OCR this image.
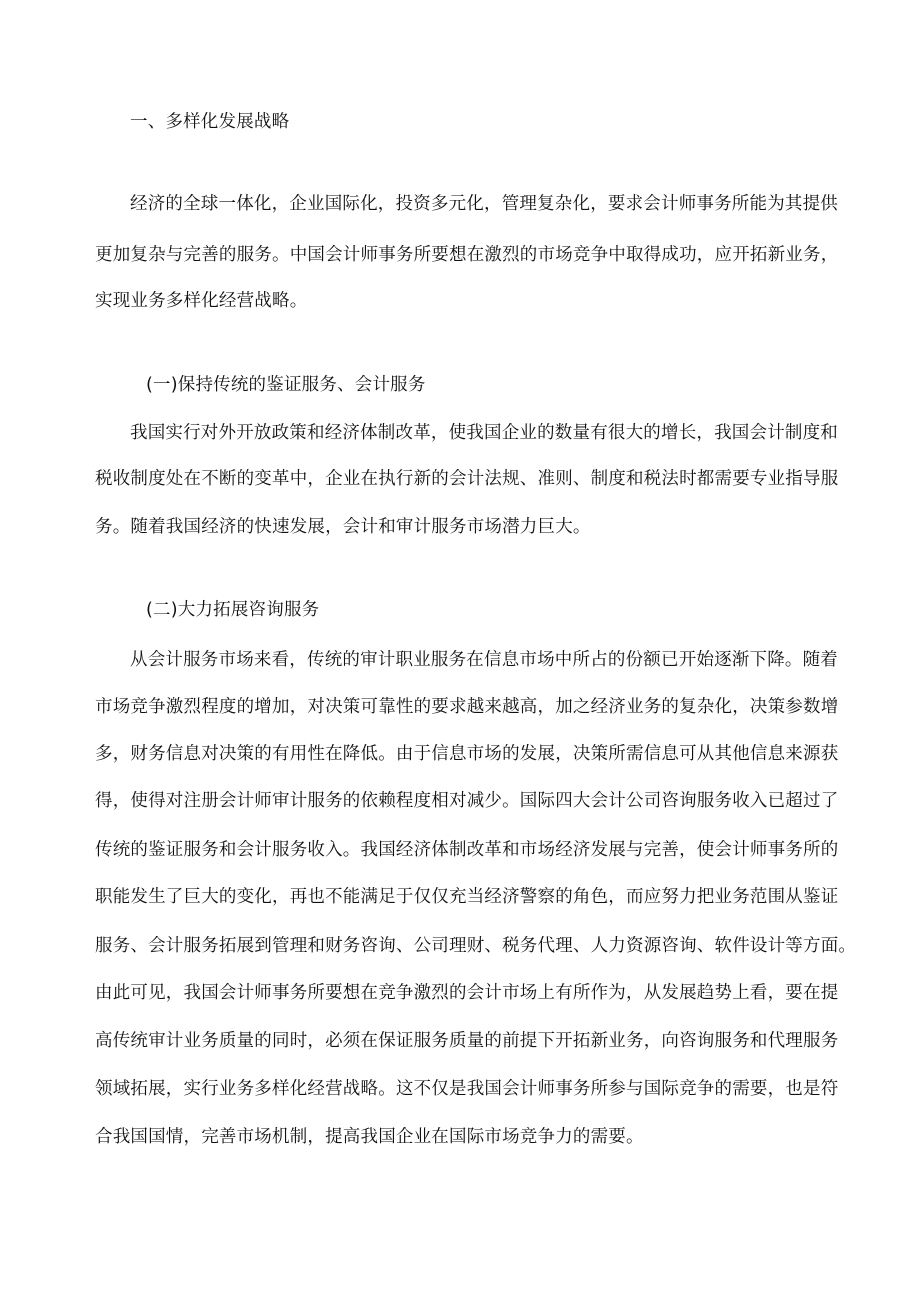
一、多样化发展战略
经济的全球一体化，企业国际化，投资多元化，管理复杂化，要求会计师事务所能为其提供
更加复杂与完善的服务。中国会计师事务所要想在激烈的市场竞争中取得成功，应开拓新业务，
实现业务多样化经营战略。
(一)保持传统的鉴证服务、会计服务
我国实行对外开放政策和经济体制改革，使我国企业的数量有很大的增长，我国会计制度和
税收制度处在不断的变革中，企业在执行新的会计法规、准则、制度和税法时都需要专业指导服
务。随着我国经济的快速发展，会计和审计服务市场潜力巨大。
(二)大力拓展咨询服务
从会计服务市场来看，传统的审计职业服务在信息市场中所占的份额已开始逐渐下降。随着
市场竞争激烈程度的增加，对决策可靠性的要求越来越高，加之经济业务的复杂化，决策参数增
多，财务信息对决策的有用性在降低。由于信息市场的发展，决策所需信息可从其他信息来源获
得，使得对注册会计师审计服务的依赖程度相对减少。国际四大会计公司咨询服务收入已超过了
传统的鉴证服务和会计服务收入。我国经济体制改革和市场经济发展与完善，使会计师事务所的
职能发生了巨大的变化，再也不能满足于仅仅充当经济警察的角色，而应努力把业务范围从鉴证
服务、会计服务拓展到管理和财务咨询、公司理财、税务代理、人力资源咨询、软件设计等方面。
由此可见，我国会计师事务所要想在竞争激烈的会计市场上有所作为，从发展趋势上看，要在提
高传统审计业务质量的同时，必须在保证服务质量的前提下开拓新业务，向咨询服务和代理服务
领域拓展，实行业务多样化经营战略。这不仅是我国会计师事务所参与国际竞争的需要，也是符
合我国国情，完善市场机制，提高我国企业在国际市场竞争力的需要。
